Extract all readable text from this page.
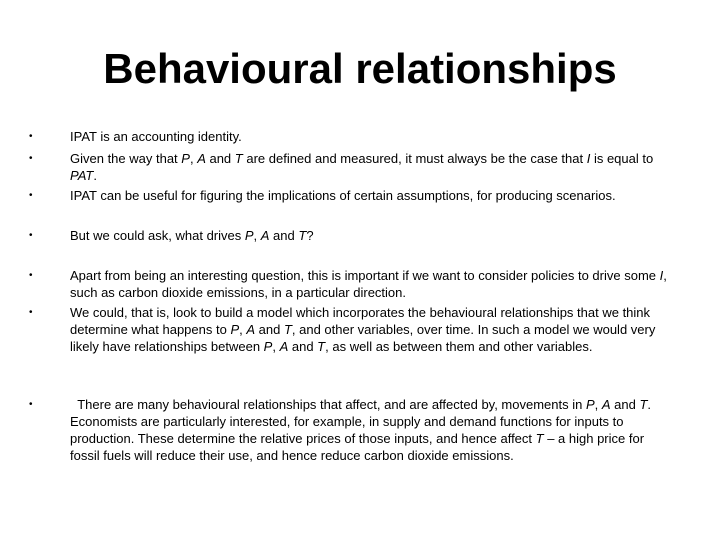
Behavioural relationships
•	IPAT is an accounting identity.
•	Given the way that P, A and T are defined and measured, it must always be the case that I is equal to PAT.
•	IPAT can be useful for figuring the implications of certain assumptions, for producing scenarios.
•	But we could ask, what drives P, A and T?
•	Apart from being an interesting question, this is important if we want to consider policies to drive some I, such as carbon dioxide emissions, in a particular direction.
•	We could, that is, look to build a model which incorporates the behavioural relationships that we think determine what happens to P, A and T, and other variables, over time. In such a model we would very likely have relationships between P, A and T, as well as between them and other variables.
•	There are many behavioural relationships that affect, and are affected by, movements in P, A and T. Economists are particularly interested, for example, in supply and demand functions for inputs to production. These determine the relative prices of those inputs, and hence affect T – a high price for fossil fuels will reduce their use, and hence reduce carbon dioxide emissions.
